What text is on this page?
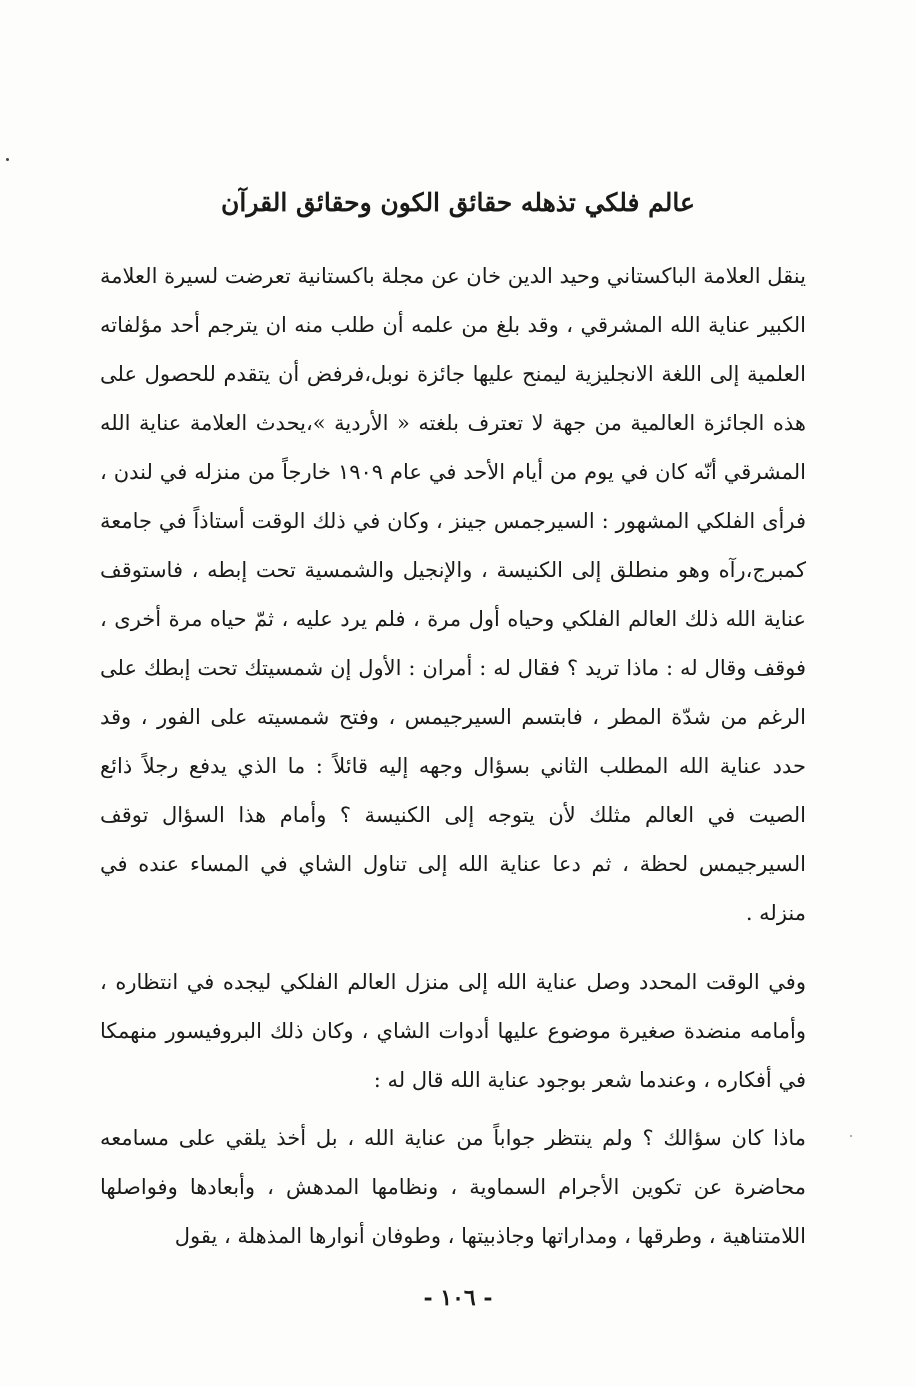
عالم فلكي تذهله حقائق الكون وحقائق القرآن

ينقل العلامة الباكستاني وحيد الدين خان عن مجلة باكستانية تعرضت لسيرة العلامة الكبير عناية الله المشرقي ، وقد بلغ من علمه أن طلب منه ان يترجم أحد مؤلفاته العلمية إلى اللغة الانجليزية ليمنح عليها جائزة نوبل،فرفض أن يتقدم للحصول على هذه الجائزة العالمية من جهة لا تعترف بلغته « الأردية »،يحدث العلامة عناية الله المشرقي أنّه كان في يوم من أيام الأحد في عام ۱۹۰۹ خارجاً من منزله في لندن ، فرأى الفلكي المشهور : السيرجمس جينز ، وكان في ذلك الوقت أستاذاً في جامعة كمبرج،رآه وهو منطلق إلى الكنيسة ، والإنجيل والشمسية تحت إبطه ، فاستوقف عناية الله ذلك العالم الفلكي وحياه أول مرة ، فلم يرد عليه ، ثمّ حياه مرة أخرى ، فوقف وقال له : ماذا تريد ؟ فقال له : أمران : الأول إن شمسيتك تحت إبطك على الرغم من شدّة المطر ، فابتسم السيرجيمس ، وفتح شمسيته على الفور ، وقد حدد عناية الله المطلب الثاني بسؤال وجهه إليه قائلاً : ما الذي يدفع رجلاً ذائع الصيت في العالم مثلك لأن يتوجه إلى الكنيسة ؟ وأمام هذا السؤال توقف السيرجيمس لحظة ، ثم دعا عناية الله إلى تناول الشاي في المساء عنده في منزله .

وفي الوقت المحدد وصل عناية الله إلى منزل العالم الفلكي ليجده في انتظاره ، وأمامه منضدة صغيرة موضوع عليها أدوات الشاي ، وكان ذلك البروفيسور منهمكا في أفكاره ، وعندما شعر بوجود عناية الله قال له :

ماذا كان سؤالك ؟ ولم ينتظر جواباً من عناية الله ، بل أخذ يلقي على مسامعه محاضرة عن تكوين الأجرام السماوية ، ونظامها المدهش ، وأبعادها وفواصلها اللامتناهية ، وطرقها ، ومداراتها وجاذبيتها ، وطوفان أنوارها المذهلة ، يقول

- ١٠٦ -
